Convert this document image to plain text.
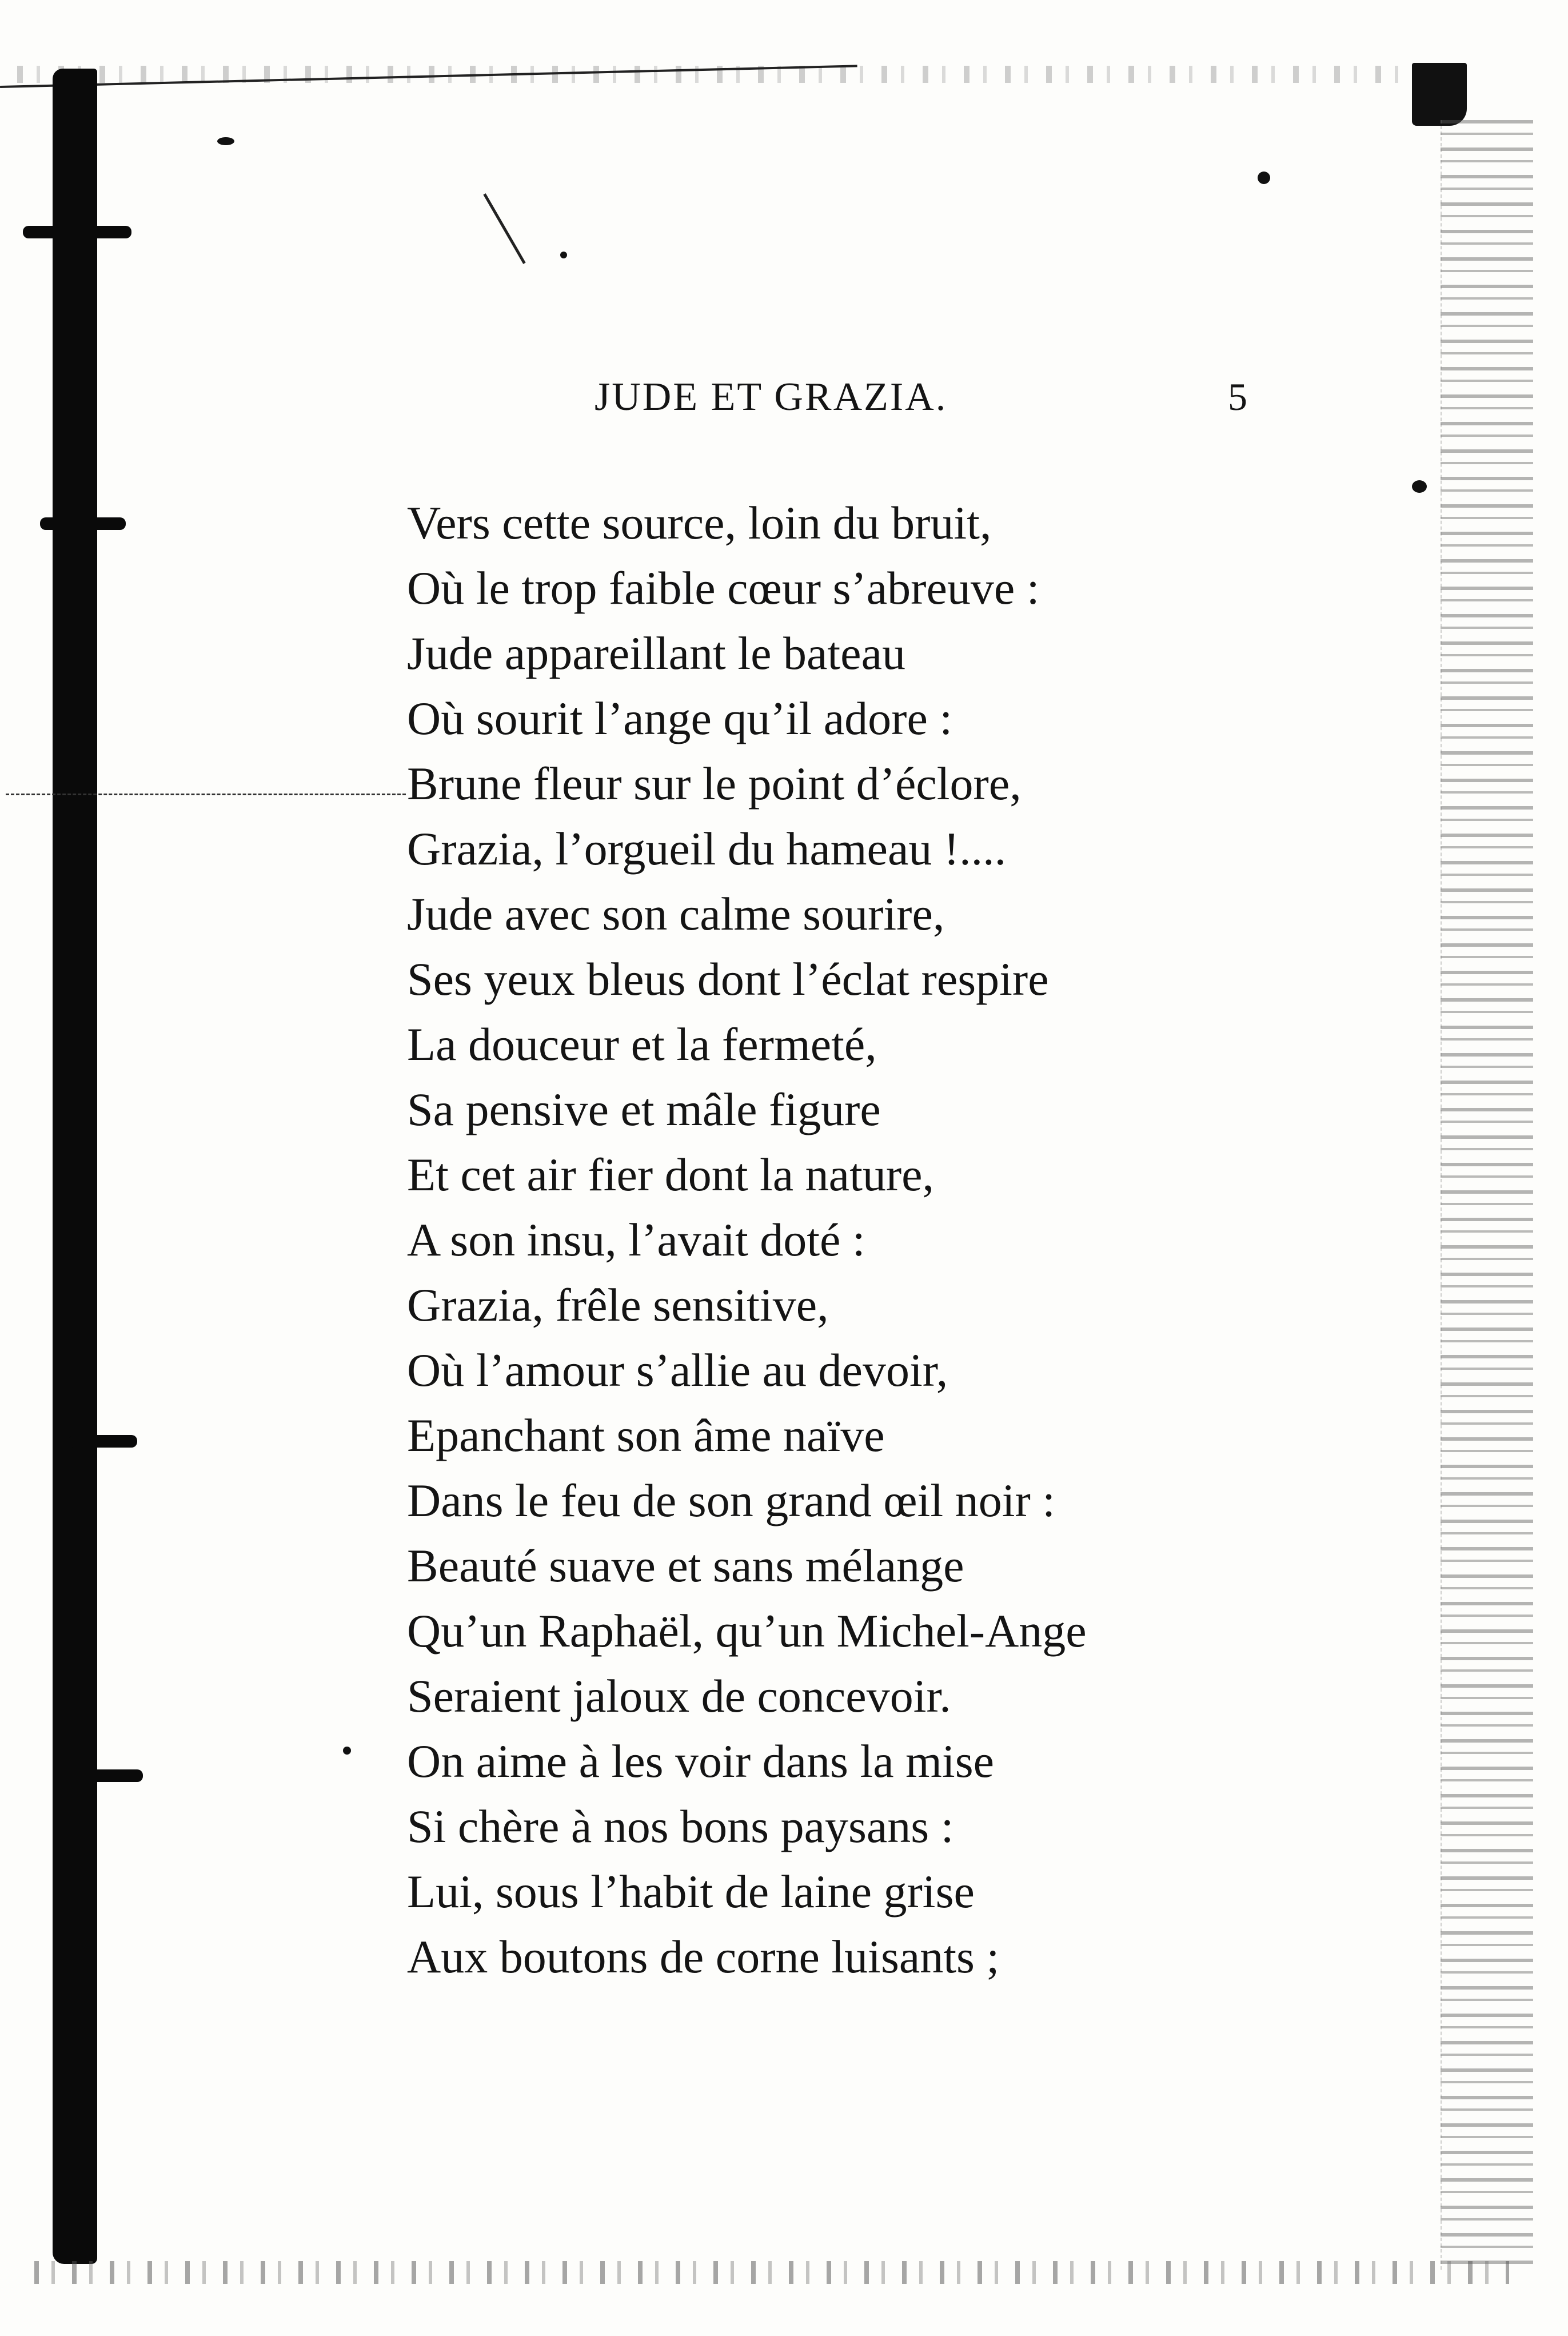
JUDE ET GRAZIA.	5
Vers cette source, loin du bruit,
Où le trop faible cœur s’abreuve :
Jude appareillant le bateau
Où sourit l’ange qu’il adore :
Brune fleur sur le point d’éclore,
Grazia, l’orgueil du hameau !....
Jude avec son calme sourire,
Ses yeux bleus dont l’éclat respire
La douceur et la fermeté,
Sa pensive et mâle figure
Et cet air fier dont la nature,
A son insu, l’avait doté :
Grazia, frêle sensitive,
Où l’amour s’allie au devoir,
Epanchant son âme naïve
Dans le feu de son grand œil noir :
Beauté suave et sans mélange
Qu’un Raphaël, qu’un Michel-Ange
Seraient jaloux de concevoir.
On aime à les voir dans la mise
Si chère à nos bons paysans :
Lui, sous l’habit de laine grise
Aux boutons de corne luisants ;
